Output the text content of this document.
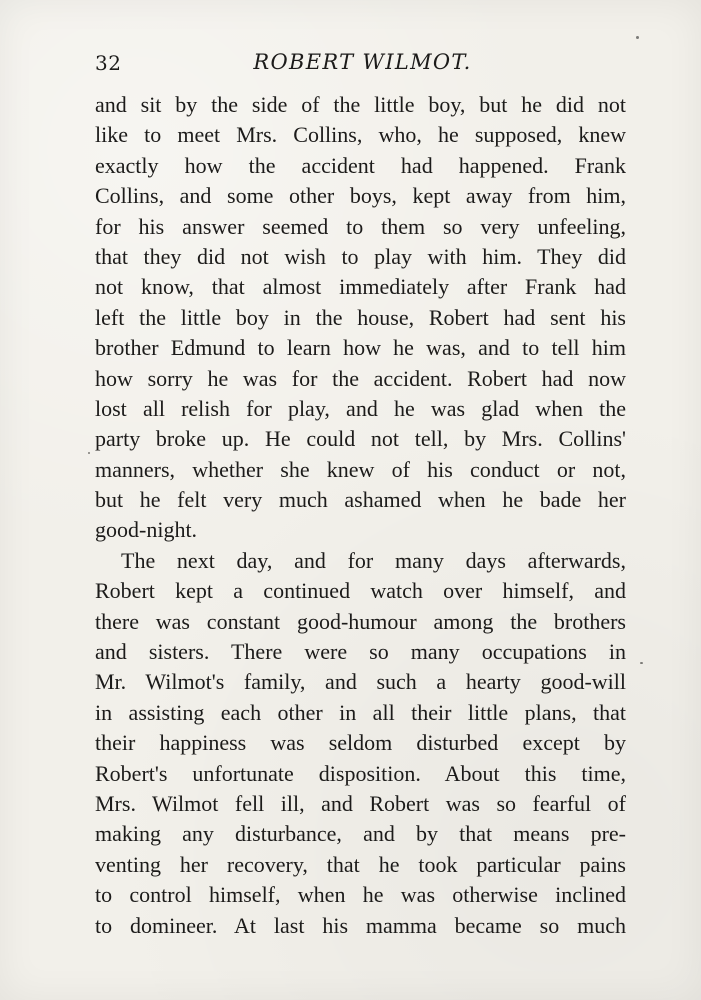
32	ROBERT WILMOT.
and sit by the side of the little boy, but he did not
like to meet Mrs. Collins, who, he supposed, knew
exactly how the accident had happened. Frank
Collins, and some other boys, kept away from him,
for his answer seemed to them so very unfeeling,
that they did not wish to play with him. They did
not know, that almost immediately after Frank had
left the little boy in the house, Robert had sent his
brother Edmund to learn how he was, and to tell him
how sorry he was for the accident. Robert had now
lost all relish for play, and he was glad when the
party broke up. He could not tell, by Mrs. Collins'
manners, whether she knew of his conduct or not,
but he felt very much ashamed when he bade her
good-night.
The next day, and for many days afterwards,
Robert kept a continued watch over himself, and
there was constant good-humour among the brothers
and sisters. There were so many occupations in
Mr. Wilmot's family, and such a hearty good-will
in assisting each other in all their little plans, that
their happiness was seldom disturbed except by
Robert's unfortunate disposition. About this time,
Mrs. Wilmot fell ill, and Robert was so fearful of
making any disturbance, and by that means pre-
venting her recovery, that he took particular pains
to control himself, when he was otherwise inclined
to domineer. At last his mamma became so much
